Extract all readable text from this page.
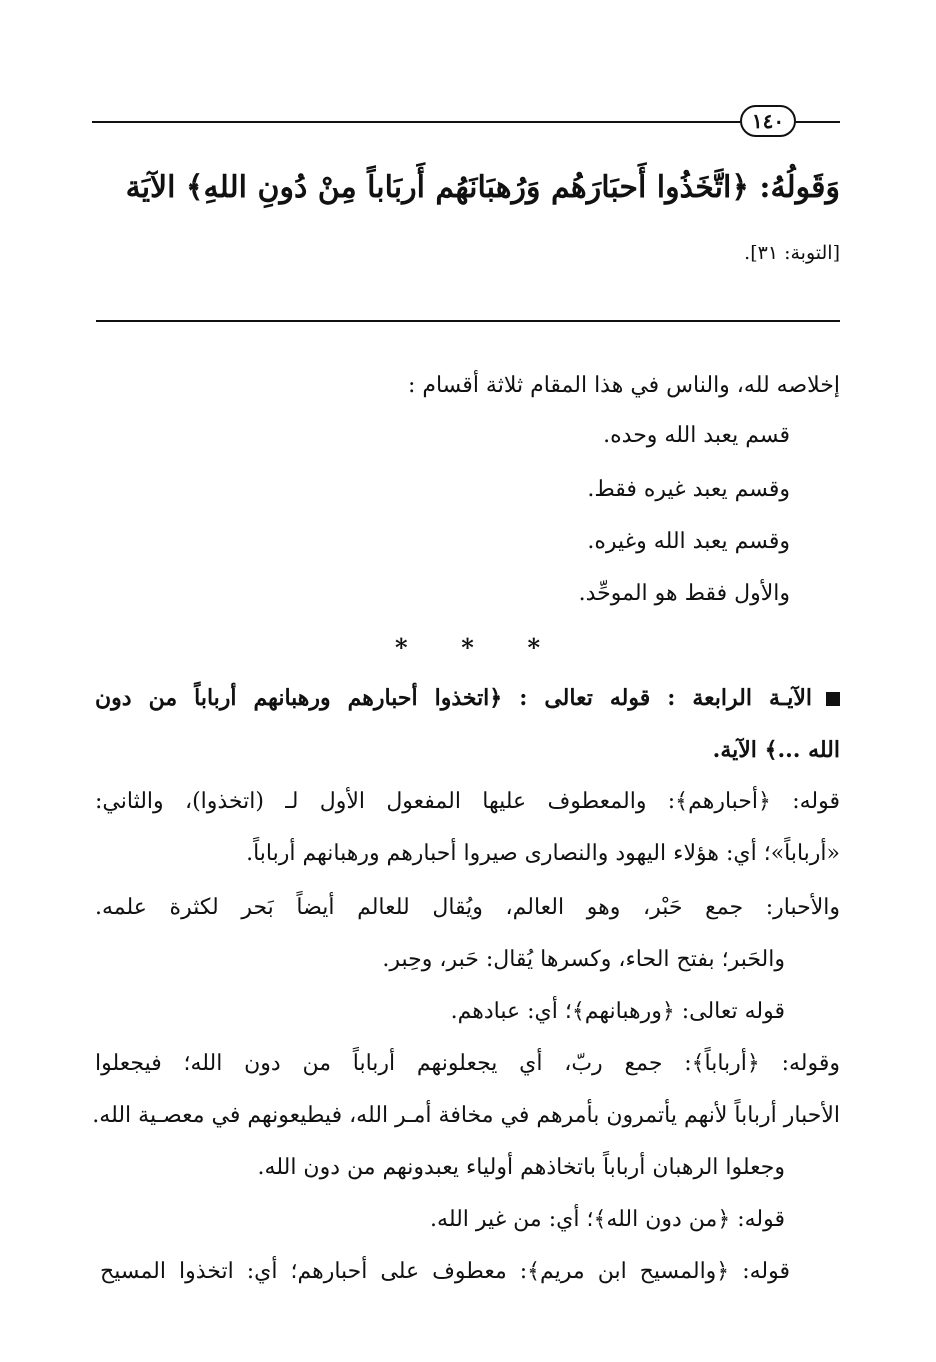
١٤٠
وَقَولُهُ: ﴿اتَّخَذُوا أَحبَارَهُم وَرُهبَانَهُم أَربَاباً مِنْ دُونِ اللهِ﴾ الآيَة
[التوبة: ٣١].
إخلاصه لله، والناس في هذا المقام ثلاثة أقسام :
قسم يعبد الله وحده.
وقسم يعبد غيره فقط.
وقسم يعبد الله وغيره.
والأول فقط هو الموحِّد.
* * *
الآيـة الرابعة : قوله تعالى : ﴿اتخذوا أحبارهم ورهبانهم أرباباً من دون
الله ...﴾ الآية.
قوله: ﴿أحبارهم﴾: والمعطوف عليها المفعول الأول لـ (اتخذوا)، والثاني:
«أرباباً»؛ أي: هؤلاء اليهود والنصارى صيروا أحبارهم ورهبانهم أرباباً.
والأحبار: جمع حَبْر، وهو العالم، ويُقال للعالم أيضاً بَحر لكثرة علمه.
والحَبر؛ بفتح الحاء، وكسرها يُقال: حَبر، وحِبر.
قوله تعالى: ﴿ورهبانهم﴾؛ أي: عبادهم.
وقوله: ﴿أرباباً﴾: جمع ربّ، أي يجعلونهم أرباباً من دون الله؛ فيجعلوا
الأحبار أرباباً لأنهم يأتمرون بأمرهم في مخافة أمـر الله، فيطيعونهم في معصـية الله.
وجعلوا الرهبان أرباباً باتخاذهم أولياء يعبدونهم من دون الله.
قوله: ﴿من دون الله﴾؛ أي: من غير الله.
قوله: ﴿والمسيح ابن مريم﴾: معطوف على أحبارهم؛ أي: اتخذوا المسيح
